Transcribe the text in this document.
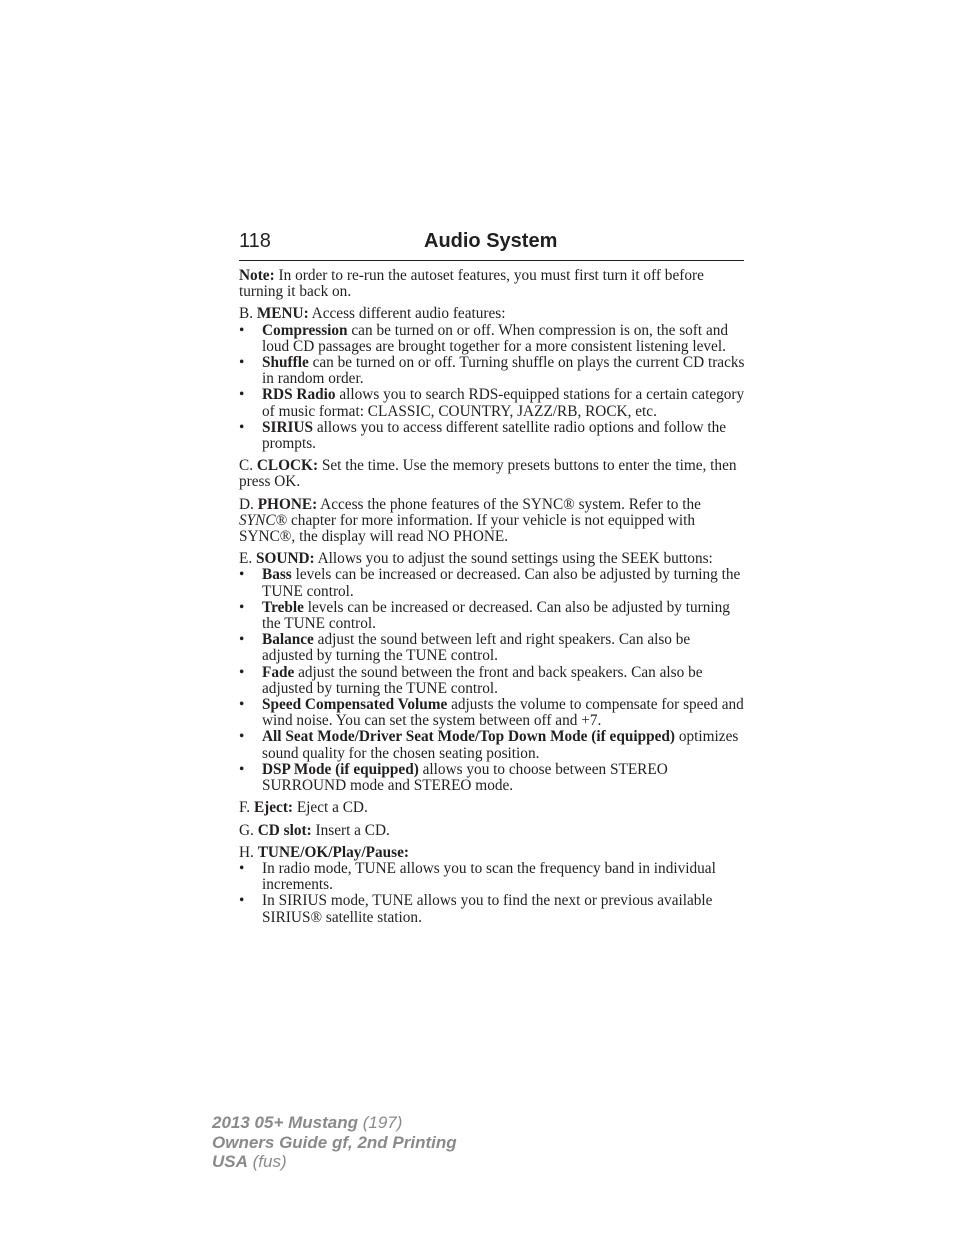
118	Audio System

Note: In order to re-run the autoset features, you must first turn it off before turning it back on.

B. MENU: Access different audio features:

• Compression can be turned on or off. When compression is on, the soft and loud CD passages are brought together for a more consistent listening level.
• Shuffle can be turned on or off. Turning shuffle on plays the current CD tracks in random order.
• RDS Radio allows you to search RDS-equipped stations for a certain category of music format: CLASSIC, COUNTRY, JAZZ/RB, ROCK, etc.
• SIRIUS allows you to access different satellite radio options and follow the prompts.

C. CLOCK: Set the time. Use the memory presets buttons to enter the time, then press OK.

D. PHONE: Access the phone features of the SYNC® system. Refer to the SYNC® chapter for more information. If your vehicle is not equipped with SYNC®, the display will read NO PHONE.

E. SOUND: Allows you to adjust the sound settings using the SEEK buttons:

• Bass levels can be increased or decreased. Can also be adjusted by turning the TUNE control.
• Treble levels can be increased or decreased. Can also be adjusted by turning the TUNE control.
• Balance adjust the sound between left and right speakers. Can also be adjusted by turning the TUNE control.
• Fade adjust the sound between the front and back speakers. Can also be adjusted by turning the TUNE control.
• Speed Compensated Volume adjusts the volume to compensate for speed and wind noise. You can set the system between off and +7.
• All Seat Mode/Driver Seat Mode/Top Down Mode (if equipped) optimizes sound quality for the chosen seating position.
• DSP Mode (if equipped) allows you to choose between STEREO SURROUND mode and STEREO mode.

F. Eject: Eject a CD.

G. CD slot: Insert a CD.

H. TUNE/OK/Play/Pause:

• In radio mode, TUNE allows you to scan the frequency band in individual increments.
• In SIRIUS mode, TUNE allows you to find the next or previous available SIRIUS® satellite station.
2013 05+ Mustang (197)
Owners Guide gf, 2nd Printing
USA (fus)
